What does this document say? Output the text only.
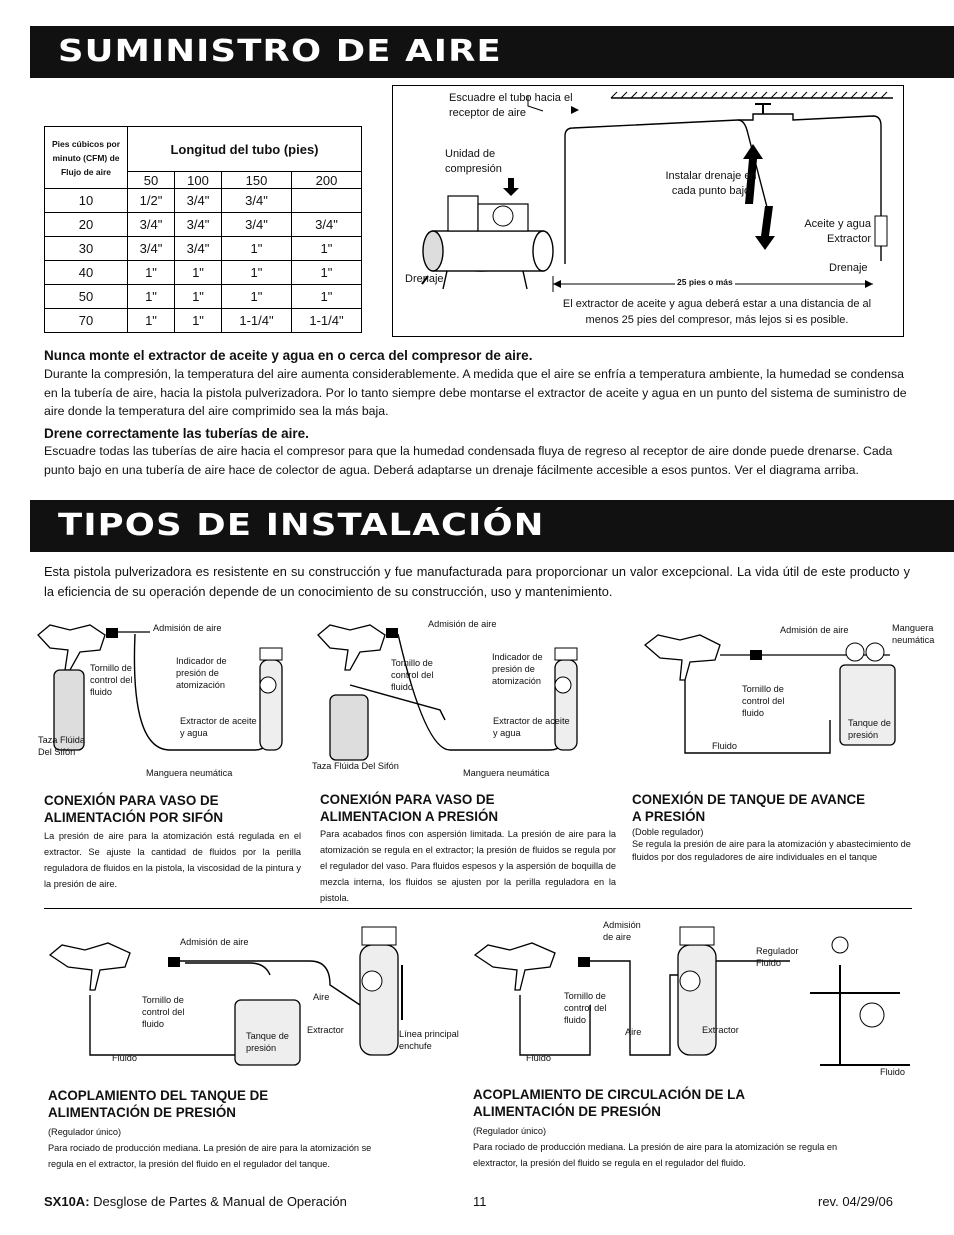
SUMINISTRO DE AIRE
Pies cúbicos por minuto (CFM) de Flujo de aire	Longitud del tubo (pies)			
	50	100	150	200
10	1/2"	3/4"	3/4"	
20	3/4"	3/4"	3/4"	3/4"
30	3/4"	3/4"	1"	1"
40	1"	1"	1"	1"
50	1"	1"	1"	1"
70	1"	1"	1-1/4"	1-1/4"
Escuadre el tubo hacia el receptor de aire
Unidad de compresión
Instalar drenaje en cada punto bajo
Aceite y agua Extractor
Drenaje
Drenaje
25 pies o más
El extractor de aceite y agua deberá estar a una distancia de al menos 25 pies del compresor, más lejos si es posible.
Nunca monte el extractor de aceite y agua en o cerca del compresor de aire.
Durante la compresión, la temperatura del aire aumenta considerablemente. A medida que el aire se enfría a temperatura ambiente, la humedad se condensa en la tubería de aire, hacia la pistola pulverizadora. Por lo tanto siempre debe montarse el extractor de aceite y agua en un punto del sistema de suministro de aire donde la temperatura del aire comprimido sea la más baja.
Drene correctamente las tuberías de aire.
Escuadre todas las tuberías de aire hacia el compresor para que la humedad condensada fluya de regreso al receptor de aire donde puede drenarse. Cada punto bajo en una tubería de aire hace de colector de agua. Deberá adaptarse un drenaje fácilmente accesible a esos puntos. Ver el diagrama arriba.
TIPOS DE INSTALACIÓN
Esta pistola pulverizadora es resistente en su construcción y fue manufacturada para proporcionar un valor excepcional. La vida útil de este producto y la eficiencia de su operación depende de un conocimiento de su construcción, uso y mantenimiento.
Admisión de aire
Tornillo de control del fluido
Indicador de presión de atomización
Extractor de aceite y agua
Taza Flúida Del Sifón
Manguera neumática
Admisión de aire
Tornillo de control del fluido
Indicador de presión de atomización
Extractor de aceite y agua
Taza Flúida Del Sifón
Manguera neumática
Admisión de aire	Manguera neumática
Tornillo de control del fluido
Tanque de presión
Fluido
CONEXIÓN PARA VASO DE ALIMENTACIÓN POR SIFÓN
La presión de aire para la atomización está regulada en el extractor. Se ajuste la cantidad de fluidos por la perilla reguladora de fluidos en la pistola, la viscosidad de la pintura y la presión de aire.
CONEXIÓN PARA VASO DE ALIMENTACION A PRESIÓN
Para acabados finos con aspersión limitada. La presión de aire para la atomización se regula en el extractor; la presión de fluidos se regula por el regulador del vaso. Para fluidos espesos y la aspersión de boquilla de mezcla interna, los fluidos se ajusten por la perilla reguladora en la pistola.
CONEXIÓN DE TANQUE DE AVANCE A PRESIÓN
(Doble regulador)
Se regula la presión de aire para la atomización y abastecimiento de fluidos por dos reguladores de aire individuales en el tanque
Admisión de aire
Tornillo de control del fluido
Aire
Tanque de presión
Extractor	Línea principal enchufe
Fluido
Admisión de aire
Regulador Fluido
Tornillo de control del fluido
Aire	Extractor
Fluido
Fluido
ACOPLAMIENTO DEL TANQUE DE ALIMENTACIÓN DE PRESIÓN
(Regulador único)
Para rociado de producción mediana. La presión de aire para la atomización se regula en el extractor, la presión del fluido en el regulador del tanque.
ACOPLAMIENTO DE CIRCULACIÓN DE LA ALIMENTACIÓN DE PRESIÓN
(Regulador único)
Para rociado de producción mediana. La presión de aire para la atomización se regula en elextractor, la presión del fluido se regula en el regulador del fluido.
SX10A: Desglose de Partes & Manual de Operación	11	rev. 04/29/06
